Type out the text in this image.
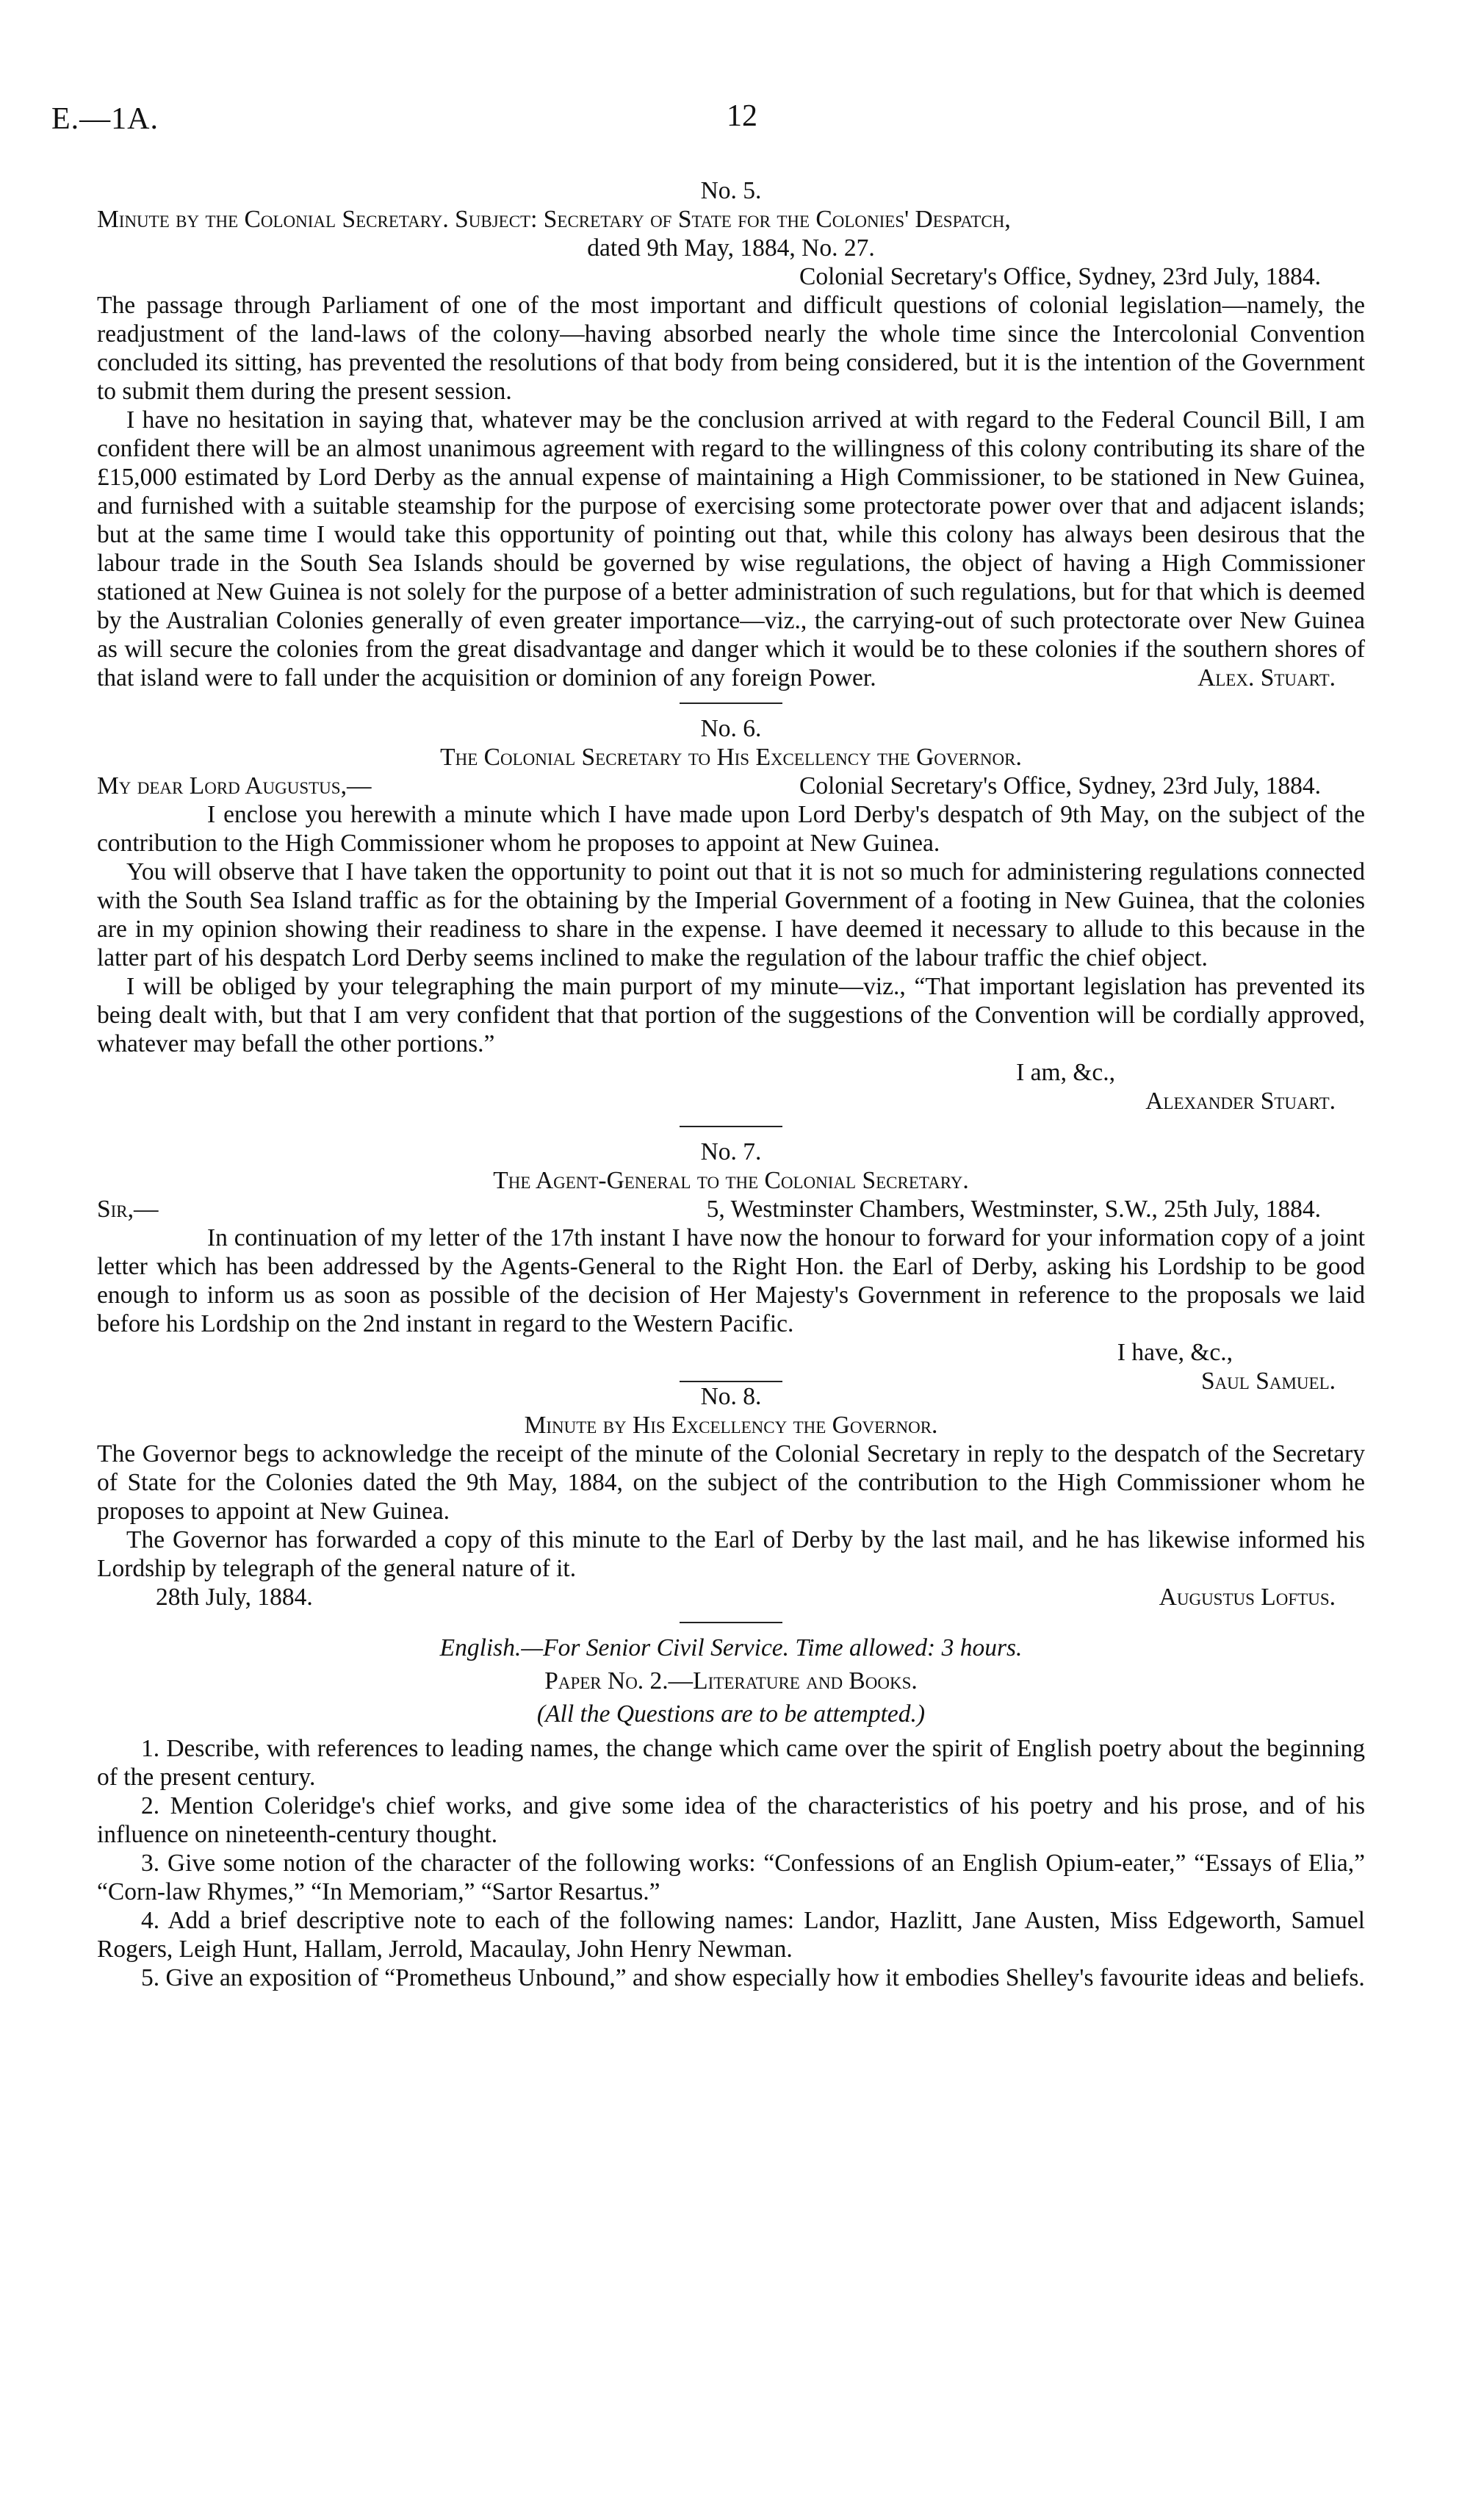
E.—1A.	12
No. 5.

Minute by the Colonial Secretary. Subject: Secretary of State for the Colonies' Despatch,

dated 9th May, 1884, No. 27.
Colonial Secretary's Office, Sydney, 23rd July, 1884.

The passage through Parliament of one of the most important and difficult questions of colonial legislation—namely, the readjustment of the land-laws of the colony—having absorbed nearly the whole time since the Intercolonial Convention concluded its sitting, has prevented the resolutions of that body from being considered, but it is the intention of the Government to submit them during the present session.

I have no hesitation in saying that, whatever may be the conclusion arrived at with regard to the Federal Council Bill, I am confident there will be an almost unanimous agreement with regard to the willingness of this colony contributing its share of the £15,000 estimated by Lord Derby as the annual expense of maintaining a High Commissioner, to be stationed in New Guinea, and furnished with a suitable steamship for the purpose of exercising some protectorate power over that and adjacent islands; but at the same time I would take this opportunity of pointing out that, while this colony has always been desirous that the labour trade in the South Sea Islands should be governed by wise regulations, the object of having a High Commissioner stationed at New Guinea is not solely for the purpose of a better administration of such regulations, but for that which is deemed by the Australian Colonies generally of even greater importance—viz., the carrying-out of such protectorate over New Guinea as will secure the colonies from the great disadvantage and danger which it would be to these colonies if the southern shores of that island were to fall under the acquisition or dominion of any foreign Power.	Alex. Stuart.
No. 6.
The Colonial Secretary to His Excellency the Governor.
My dear Lord Augustus,—	Colonial Secretary's Office, Sydney, 23rd July, 1884.

I enclose you herewith a minute which I have made upon Lord Derby's despatch of 9th May, on the subject of the contribution to the High Commissioner whom he proposes to appoint at New Guinea.

You will observe that I have taken the opportunity to point out that it is not so much for administering regulations connected with the South Sea Island traffic as for the obtaining by the Imperial Government of a footing in New Guinea, that the colonies are in my opinion showing their readiness to share in the expense. I have deemed it necessary to allude to this because in the latter part of his despatch Lord Derby seems inclined to make the regulation of the labour traffic the chief object.

I will be obliged by your telegraphing the main purport of my minute—viz., “That important legislation has prevented its being dealt with, but that I am very confident that that portion of the suggestions of the Convention will be cordially approved, whatever may befall the other portions.”

I am, &c.,
Alexander Stuart.
No. 7.
The Agent-General to the Colonial Secretary.
Sir,—	5, Westminster Chambers, Westminster, S.W., 25th July, 1884.

In continuation of my letter of the 17th instant I have now the honour to forward for your information copy of a joint letter which has been addressed by the Agents-General to the Right Hon. the Earl of Derby, asking his Lordship to be good enough to inform us as soon as possible of the decision of Her Majesty's Government in reference to the proposals we laid before his Lordship on the 2nd instant in regard to the Western Pacific.

I have, &c.,
Saul Samuel.
No. 8.
Minute by His Excellency the Governor.

The Governor begs to acknowledge the receipt of the minute of the Colonial Secretary in reply to the despatch of the Secretary of State for the Colonies dated the 9th May, 1884, on the subject of the contribution to the High Commissioner whom he proposes to appoint at New Guinea.

The Governor has forwarded a copy of this minute to the Earl of Derby by the last mail, and he has likewise informed his Lordship by telegraph of the general nature of it.

28th July, 1884.	Augustus Loftus.
English.—For Senior Civil Service. Time allowed: 3 hours.
Paper No. 2.—Literature and Books.
(All the Questions are to be attempted.)

1. Describe, with references to leading names, the change which came over the spirit of English poetry about the beginning of the present century.

2. Mention Coleridge's chief works, and give some idea of the characteristics of his poetry and his prose, and of his influence on nineteenth-century thought.

3. Give some notion of the character of the following works: “Confessions of an English Opium-eater,” “Essays of Elia,” “Corn-law Rhymes,” “In Memoriam,” “Sartor Resartus.”

4. Add a brief descriptive note to each of the following names: Landor, Hazlitt, Jane Austen, Miss Edgeworth, Samuel Rogers, Leigh Hunt, Hallam, Jerrold, Macaulay, John Henry Newman.

5. Give an exposition of “Prometheus Unbound,” and show especially how it embodies Shelley's favourite ideas and beliefs.
